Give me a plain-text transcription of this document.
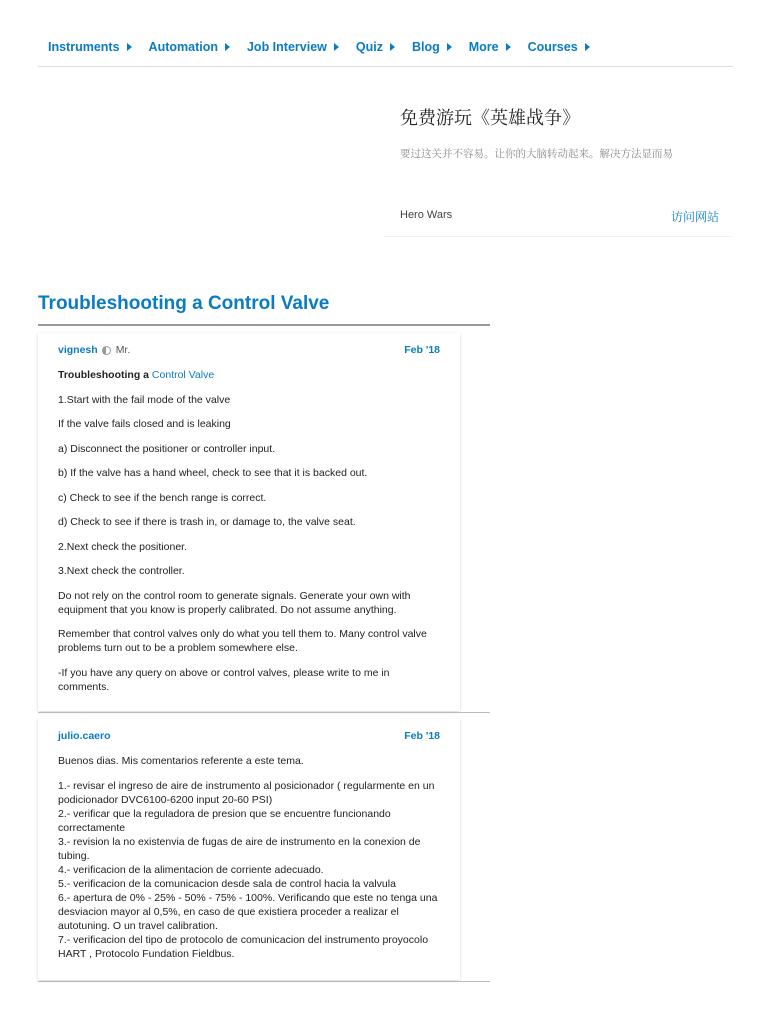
Instruments Automation Job Interview Quiz Blog More Courses
免费游玩《英雄战争》
要过这关并不容易。让你的大脑转动起来。解决方法显而易
Hero Wars	访问网站
Troubleshooting a Control Valve
vignesh Mr.	Feb '18

Troubleshooting a Control Valve

1.Start with the fail mode of the valve

If the valve fails closed and is leaking

a) Disconnect the positioner or controller input.

b) If the valve has a hand wheel, check to see that it is backed out.

c) Check to see if the bench range is correct.

d) Check to see if there is trash in, or damage to, the valve seat.

2.Next check the positioner.

3.Next check the controller.

Do not rely on the control room to generate signals. Generate your own with equipment that you know is properly calibrated. Do not assume anything.

Remember that control valves only do what you tell them to. Many control valve problems turn out to be a problem somewhere else.

-If you have any query on above or control valves, please write to me in comments.

julio.caero	Feb '18

Buenos dias. Mis comentarios referente a este tema.

1.- revisar el ingreso de aire de instrumento al posicionador ( regularmente en un podicionador DVC6100-6200 input 20-60 PSI)

2.- verificar que la reguladora de presion que se encuentre funcionando correctamente

3.- revision la no existenvia de fugas de aire de instrumento en la conexion de tubing.

4.- verificacion de la alimentacion de corriente adecuado.

5.- verificacion de la comunicacion desde sala de control hacia la valvula

6.- apertura de 0% - 25% - 50% - 75% - 100%. Verificando que este no tenga una desviacion mayor al 0,5%, en caso de que existiera proceder a realizar el autotuning. O un travel calibration.

7.- verificacion del tipo de protocolo de comunicacion del instrumento proyocolo HART , Protocolo Fundation Fieldbus.
